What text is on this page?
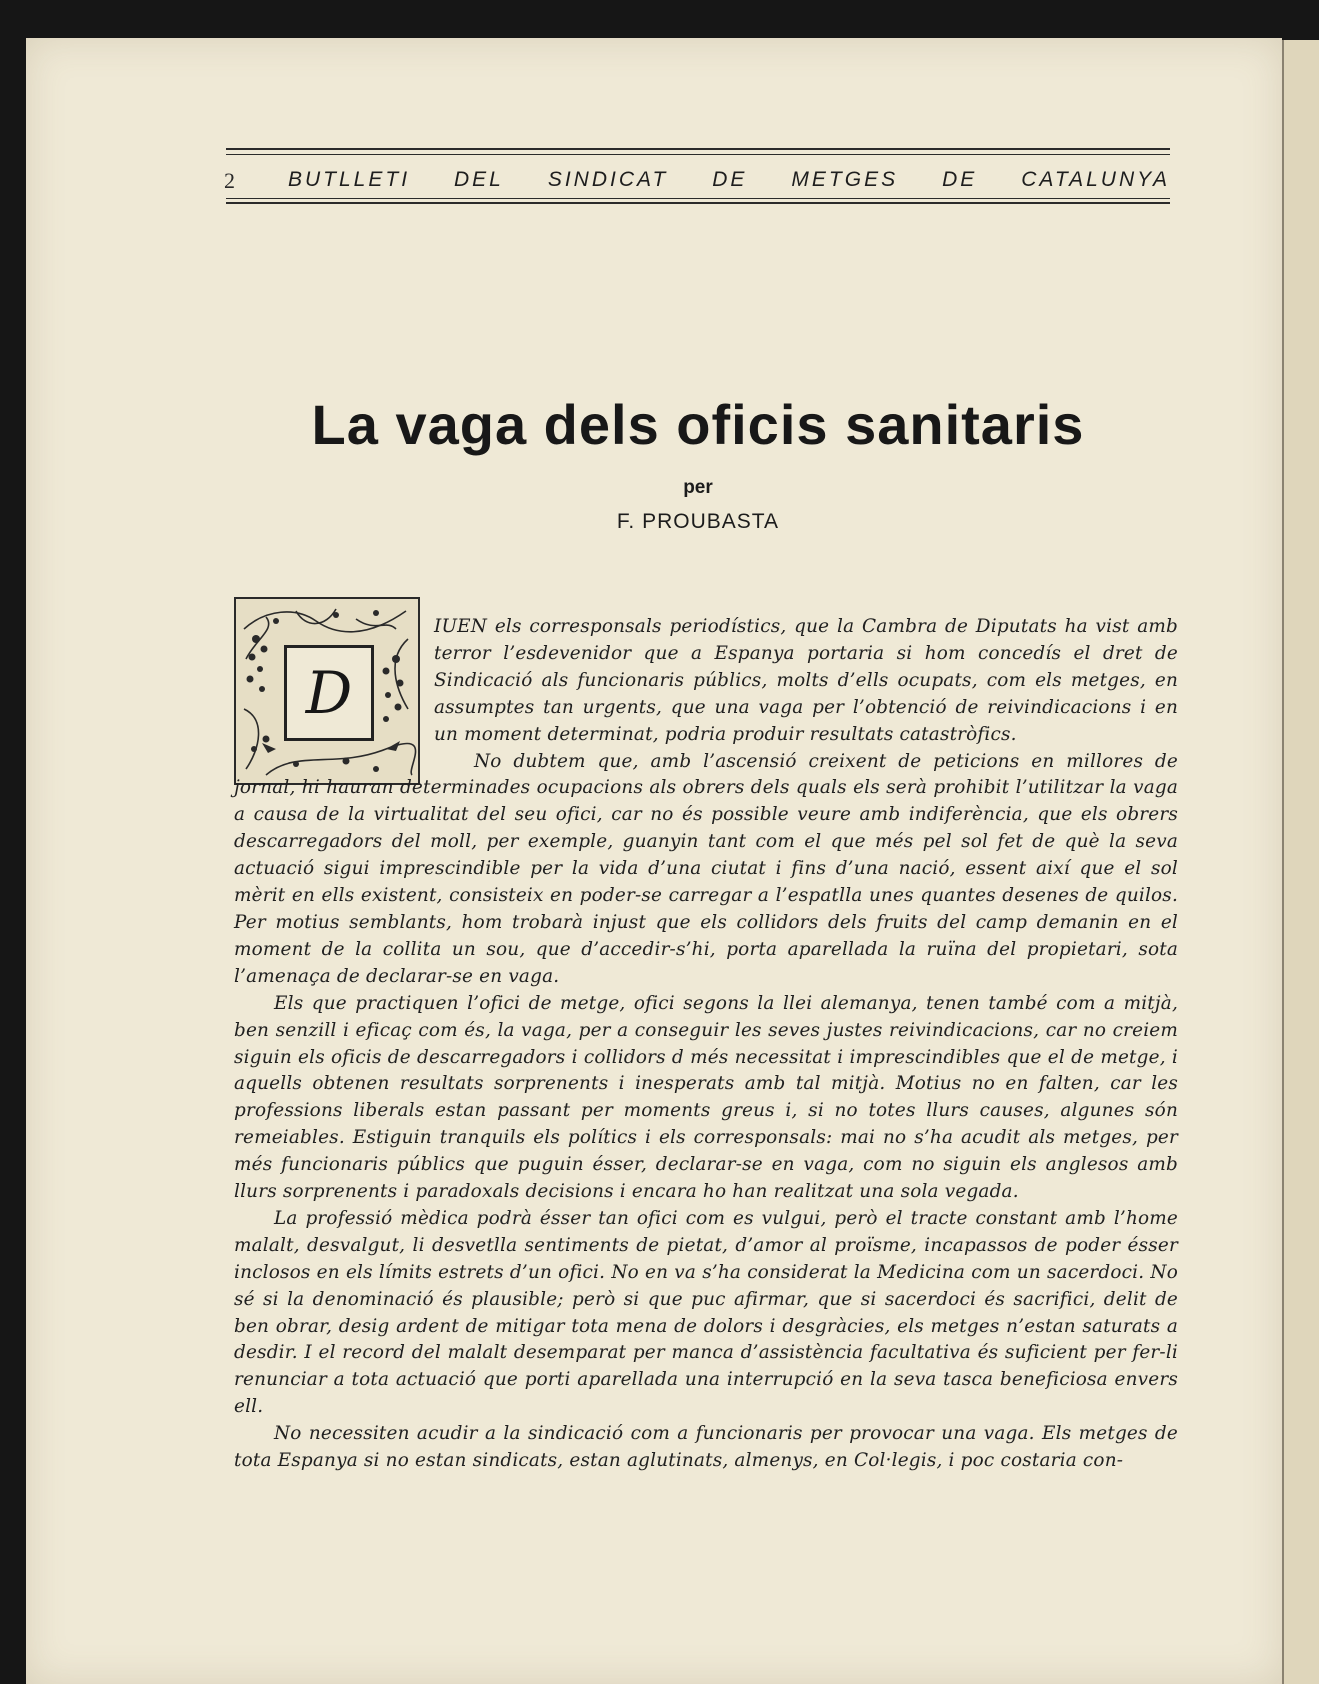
2	BUTLLETI DEL SINDICAT DE METGES DE CATALUNYA
La vaga dels oficis sanitaris
per
F. PROUBASTA
D

IUEN els corresponsals periodístics, que la Cambra de Diputats ha vist amb terror l’esdevenidor que a Espanya portaria si hom concedís el dret de Sindicació als funcionaris públics, molts d’ells ocupats, com els metges, en assumptes tan urgents, que una vaga per l’obtenció de reivindicacions i en un moment determinat, podria produir resultats catastròfics.

No dubtem que, amb l’ascensió creixent de peticions en millores de jornal, hi hauran determinades ocupacions als obrers dels quals els serà prohibit l’utilitzar la vaga a causa de la virtualitat del seu ofici, car no és possible veure amb indiferència, que els obrers descarregadors del moll, per exemple, guanyin tant com el que més pel sol fet de què la seva actuació sigui imprescindible per la vida d’una ciutat i fins d’una nació, essent així que el sol mèrit en ells existent, consisteix en poder-se carregar a l’espatlla unes quantes desenes de quilos. Per motius semblants, hom trobarà injust que els collidors dels fruits del camp demanin en el moment de la collita un sou, que d’accedir-s’hi, porta aparellada la ruïna del propietari, sota l’amenaça de declarar-se en vaga.

Els que practiquen l’ofici de metge, ofici segons la llei alemanya, tenen també com a mitjà, ben senzill i eficaç com és, la vaga, per a conseguir les seves justes reivindicacions, car no creiem siguin els oficis de descarregadors i collidors d més necessitat i imprescindibles que el de metge, i aquells obtenen resultats sorprenents i inesperats amb tal mitjà. Motius no en falten, car les professions liberals estan passant per moments greus i, si no totes llurs causes, algunes són remeiables. Estiguin tranquils els polítics i els corresponsals: mai no s’ha acudit als metges, per més funcionaris públics que puguin ésser, declarar-se en vaga, com no siguin els anglesos amb llurs sorprenents i paradoxals decisions i encara ho han realitzat una sola vegada.

La professió mèdica podrà ésser tan ofici com es vulgui, però el tracte constant amb l’home malalt, desvalgut, li desvetlla sentiments de pietat, d’amor al proïsme, incapassos de poder ésser inclosos en els límits estrets d’un ofici. No en va s’ha considerat la Medicina com un sacerdoci. No sé si la denominació és plausible; però si que puc afirmar, que si sacerdoci és sacrifici, delit de ben obrar, desig ardent de mitigar tota mena de dolors i desgràcies, els metges n’estan saturats a desdir. I el record del malalt desemparat per manca d’assistència facultativa és suficient per fer-li renunciar a tota actuació que porti aparellada una interrupció en la seva tasca beneficiosa envers ell.

No necessiten acudir a la sindicació com a funcionaris per provocar una vaga. Els metges de tota Espanya si no estan sindicats, estan aglutinats, almenys, en Col·legis, i poc costaria con-
